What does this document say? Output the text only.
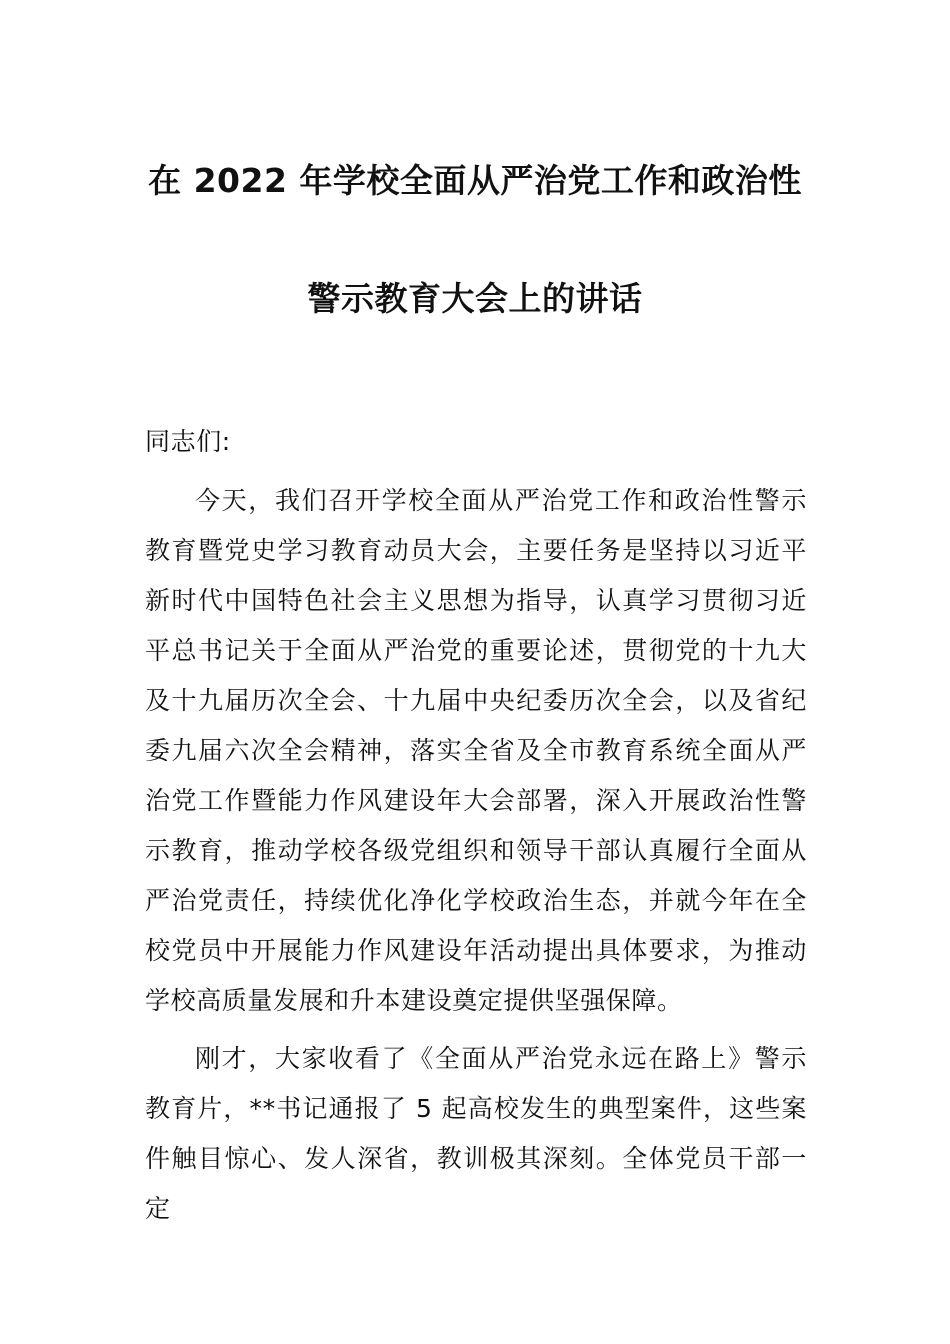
在 2022 年学校全面从严治党工作和政治性
警示教育大会上的讲话

同志们:

今天，我们召开学校全面从严治党工作和政治性警示教育暨党史学习教育动员大会，主要任务是坚持以习近平新时代中国特色社会主义思想为指导，认真学习贯彻习近平总书记关于全面从严治党的重要论述，贯彻党的十九大及十九届历次全会、十九届中央纪委历次全会，以及省纪委九届六次全会精神，落实全省及全市教育系统全面从严治党工作暨能力作风建设年大会部署，深入开展政治性警示教育，推动学校各级党组织和领导干部认真履行全面从严治党责任，持续优化净化学校政治生态，并就今年在全校党员中开展能力作风建设年活动提出具体要求，为推动学校高质量发展和升本建设奠定提供坚强保障。

刚才，大家收看了《全面从严治党永远在路上》警示教育片，**书记通报了 5 起高校发生的典型案件，这些案件触目惊心、发人深省，教训极其深刻。全体党员干部一定
